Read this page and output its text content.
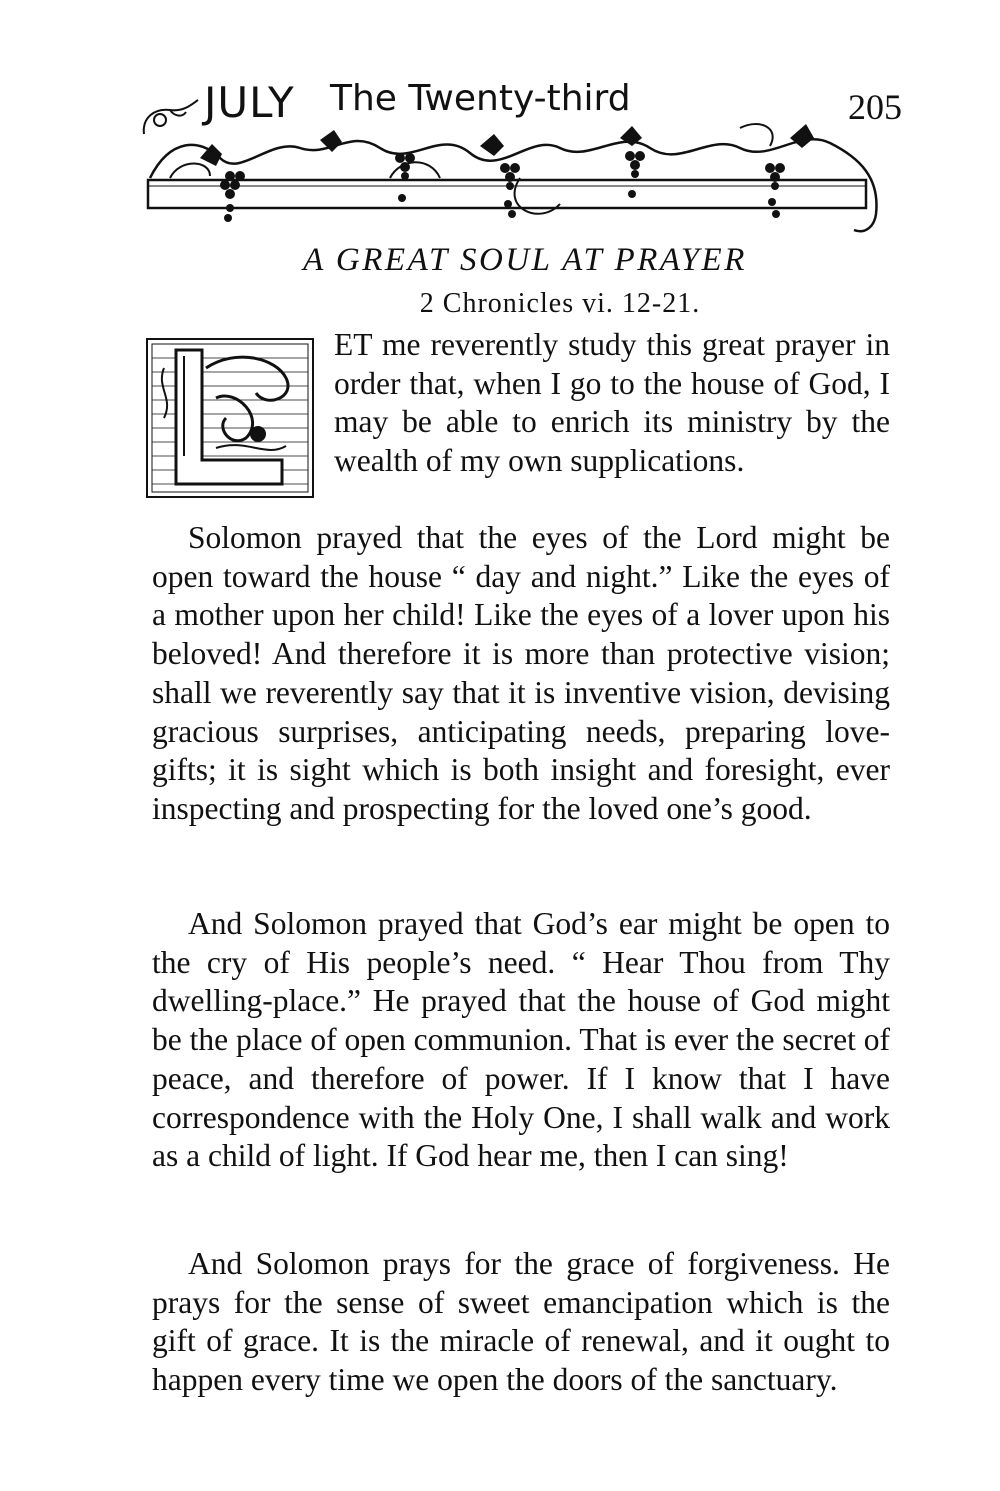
JULY The Twenty-third	205
A GREAT SOUL AT PRAYER
2 Chronicles vi. 12-21.

ET me reverently study this great prayer in order that, when I go to the house of God, I may be able to enrich its ministry by the wealth of my own supplications.

Solomon prayed that the eyes of the Lord might be open toward the house “ day and night.” Like the eyes of a mother upon her child! Like the eyes of a lover upon his beloved! And therefore it is more than protective vision; shall we reverently say that it is inventive vision, devising gracious surprises, anticipating needs, preparing love-gifts; it is sight which is both insight and foresight, ever inspecting and prospecting for the loved one’s good.

And Solomon prayed that God’s ear might be open to the cry of His people’s need. “ Hear Thou from Thy dwelling-place.” He prayed that the house of God might be the place of open communion. That is ever the secret of peace, and therefore of power. If I know that I have correspondence with the Holy One, I shall walk and work as a child of light. If God hear me, then I can sing!

And Solomon prays for the grace of forgiveness. He prays for the sense of sweet emancipation which is the gift of grace. It is the miracle of renewal, and it ought to happen every time we open the doors of the sanctuary.
